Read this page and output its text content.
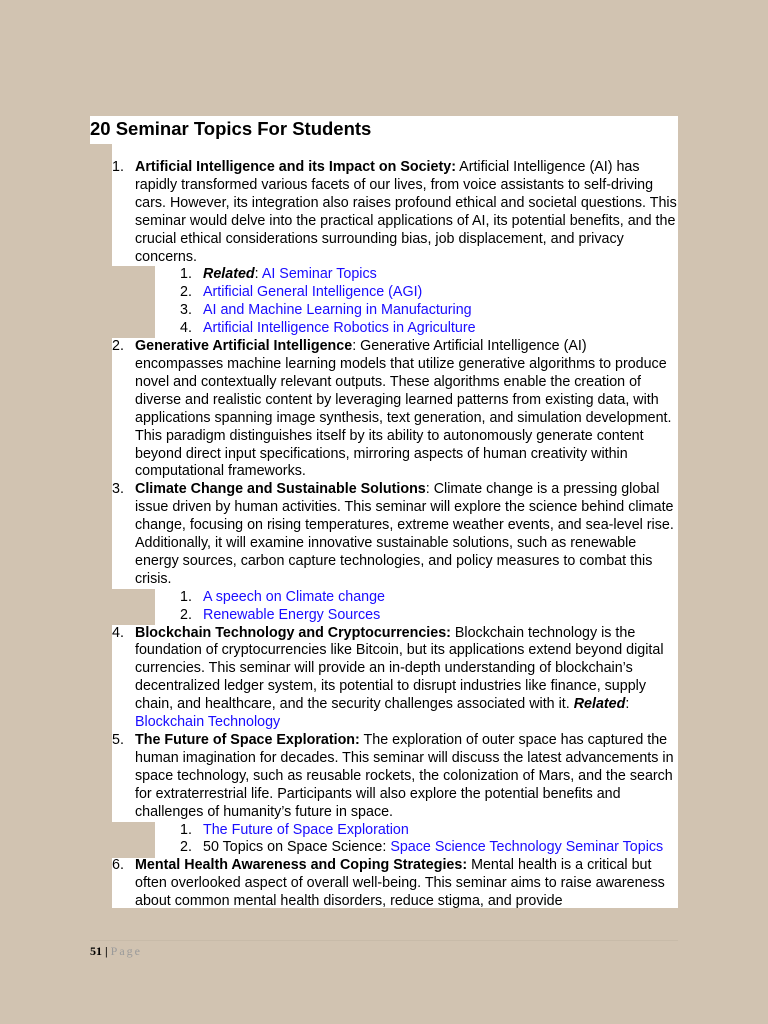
1. Artificial Intelligence and its Impact on Society: Artificial Intelligence (AI) has rapidly transformed various facets of our lives, from voice assistants to self-driving cars. However, its integration also raises profound ethical and societal questions. This seminar would delve into the practical applications of AI, its potential benefits, and the crucial ethical considerations surrounding bias, job displacement, and privacy concerns.
1. Related: AI Seminar Topics
2. Artificial General Intelligence (AGI)
3. AI and Machine Learning in Manufacturing
4. Artificial Intelligence Robotics in Agriculture
2. Generative Artificial Intelligence: Generative Artificial Intelligence (AI) encompasses machine learning models that utilize generative algorithms to produce novel and contextually relevant outputs. These algorithms enable the creation of diverse and realistic content by leveraging learned patterns from existing data, with applications spanning image synthesis, text generation, and simulation development. This paradigm distinguishes itself by its ability to autonomously generate content beyond direct input specifications, mirroring aspects of human creativity within computational frameworks.
3. Climate Change and Sustainable Solutions: Climate change is a pressing global issue driven by human activities. This seminar will explore the science behind climate change, focusing on rising temperatures, extreme weather events, and sea-level rise. Additionally, it will examine innovative sustainable solutions, such as renewable energy sources, carbon capture technologies, and policy measures to combat this crisis.
1. A speech on Climate change
2. Renewable Energy Sources
4. Blockchain Technology and Cryptocurrencies: Blockchain technology is the foundation of cryptocurrencies like Bitcoin, but its applications extend beyond digital currencies. This seminar will provide an in-depth understanding of blockchain’s decentralized ledger system, its potential to disrupt industries like finance, supply chain, and healthcare, and the security challenges associated with it. Related: Blockchain Technology
5. The Future of Space Exploration: The exploration of outer space has captured the human imagination for decades. This seminar will discuss the latest advancements in space technology, such as reusable rockets, the colonization of Mars, and the search for extraterrestrial life. Participants will also explore the potential benefits and challenges of humanity’s future in space.
1. The Future of Space Exploration
2. 50 Topics on Space Science: Space Science Technology Seminar Topics
6. Mental Health Awareness and Coping Strategies: Mental health is a critical but often overlooked aspect of overall well-being. This seminar aims to raise awareness about common mental health disorders, reduce stigma, and provide
20 Seminar Topics For Students
51 | Page
